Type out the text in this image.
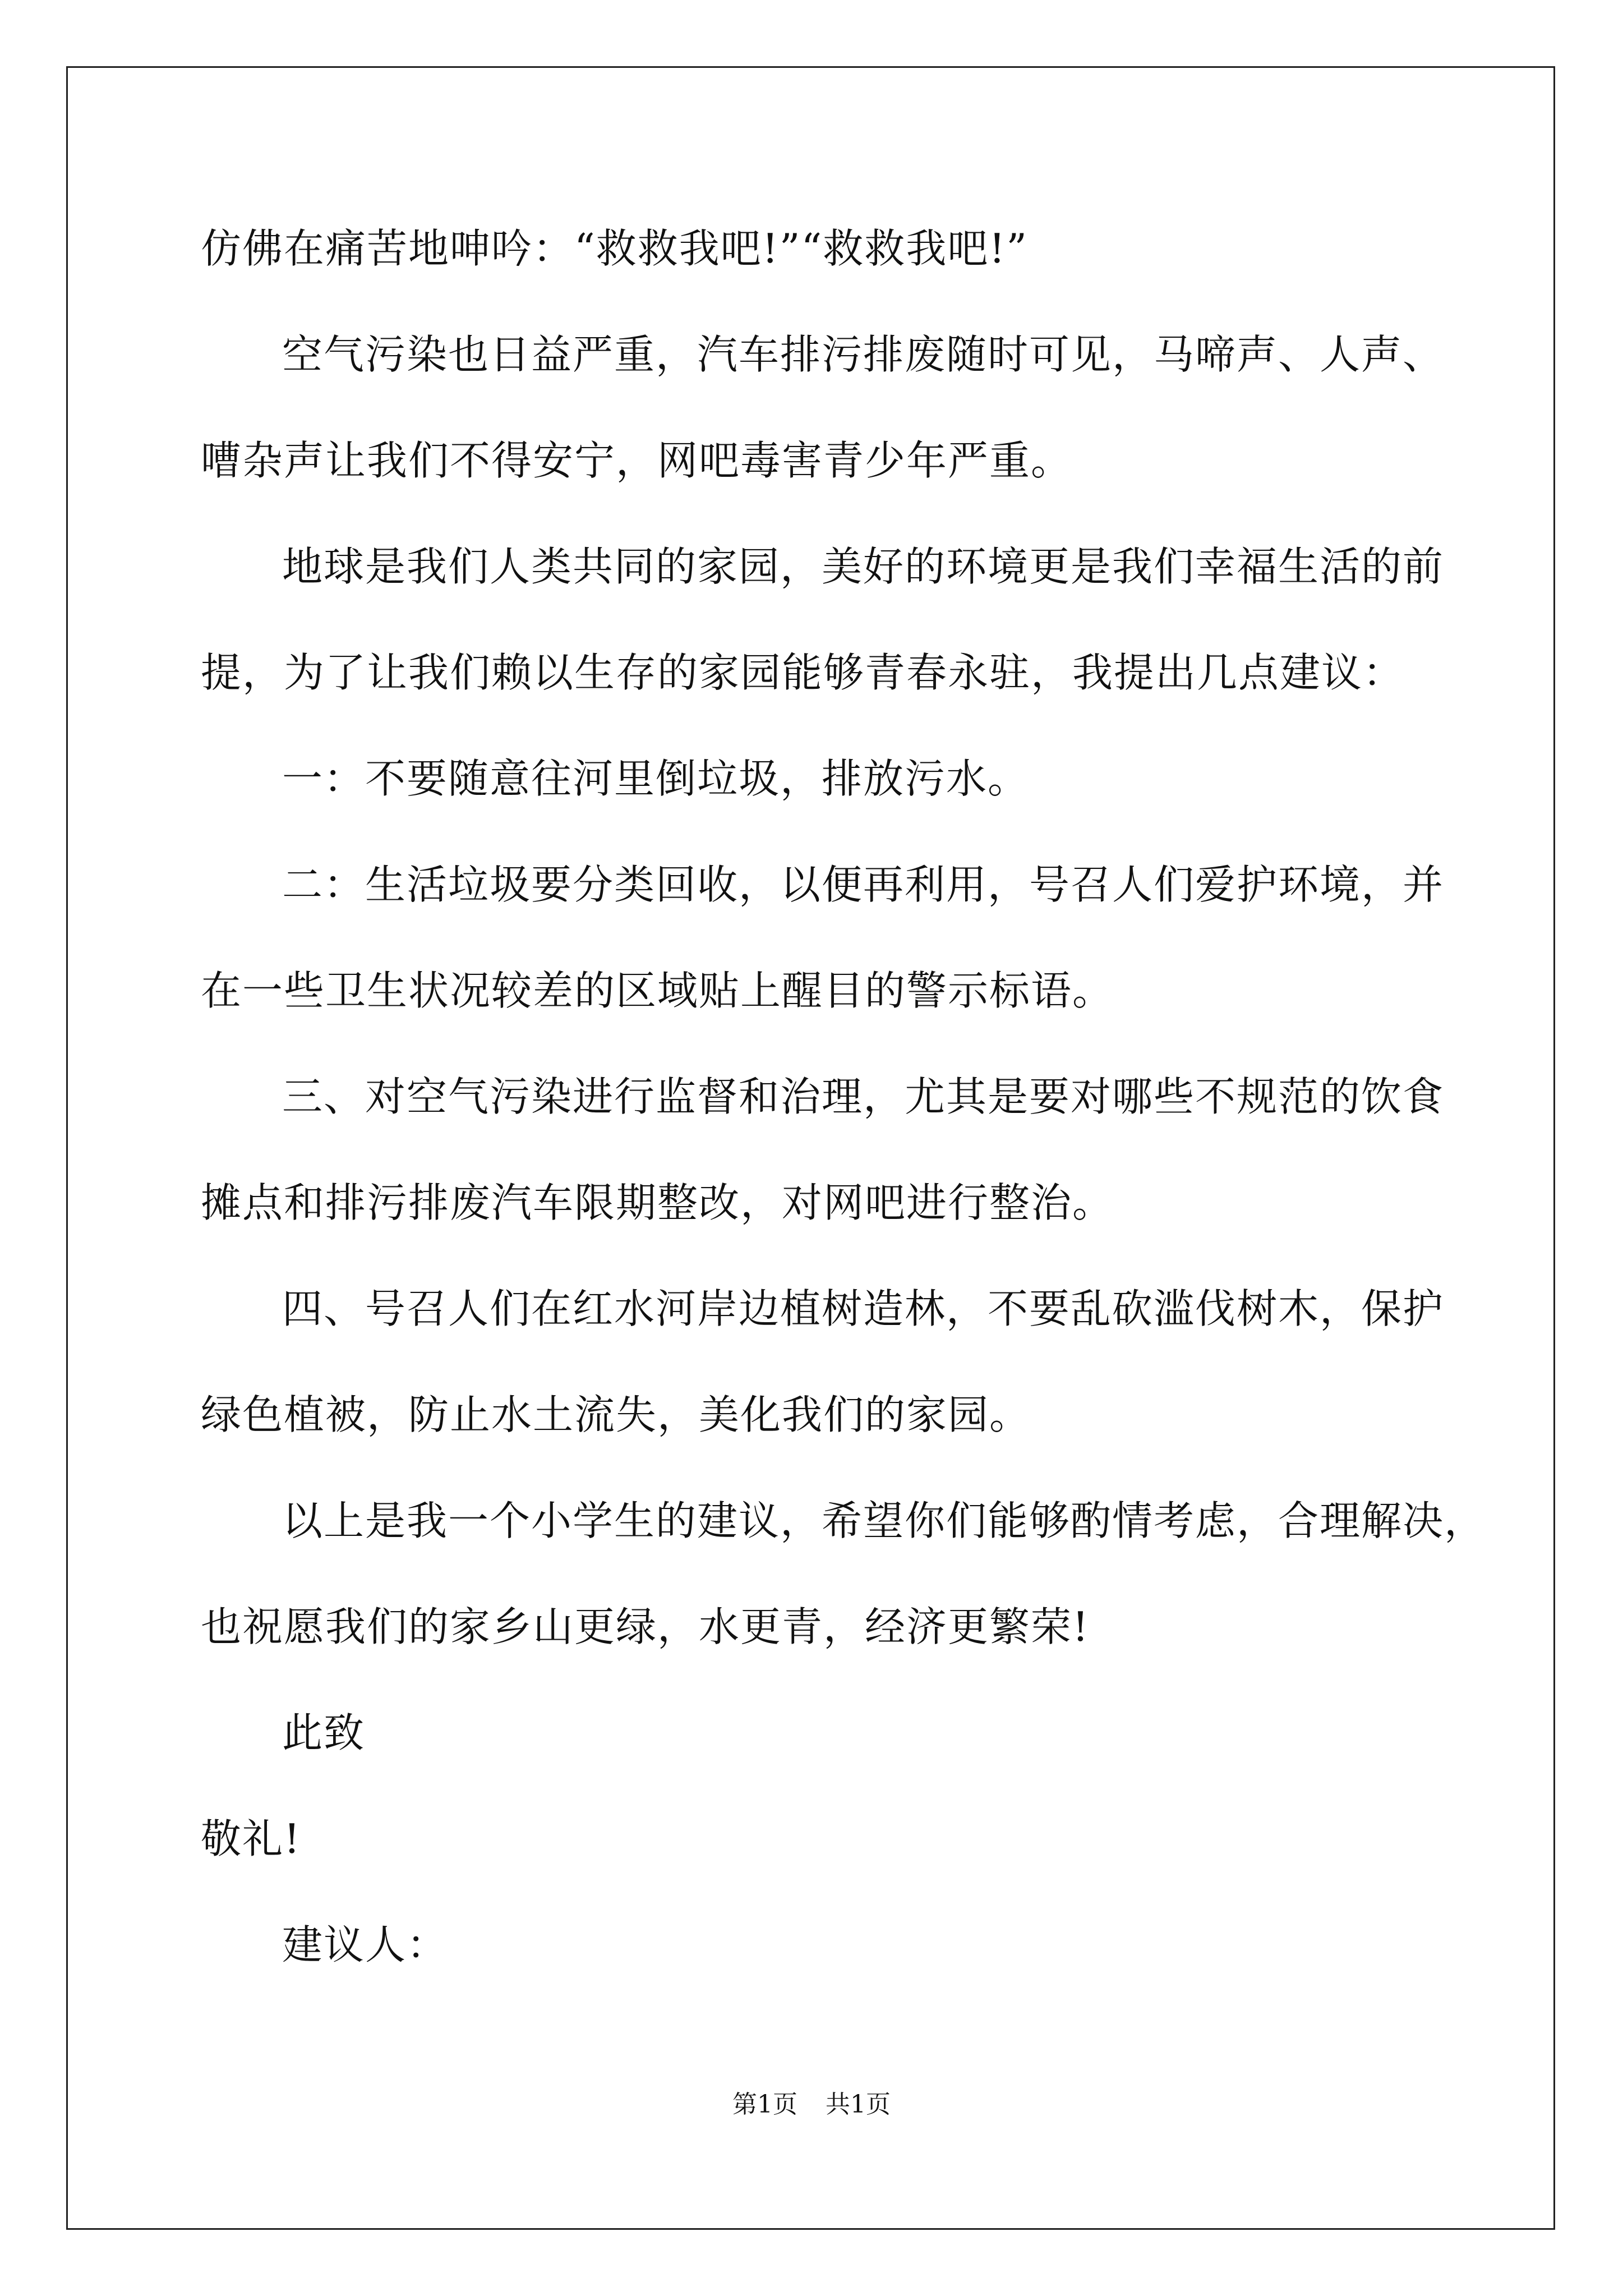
仿佛在痛苦地呻吟：“救救我吧!”“救救我吧!”
空气污染也日益严重，汽车排污排废随时可见，马啼声、人声、
嘈杂声让我们不得安宁，网吧毒害青少年严重。
地球是我们人类共同的家园，美好的环境更是我们幸福生活的前
提，为了让我们赖以生存的家园能够青春永驻，我提出几点建议：
一：不要随意往河里倒垃圾，排放污水。
二：生活垃圾要分类回收，以便再利用，号召人们爱护环境，并
在一些卫生状况较差的区域贴上醒目的警示标语。
三、对空气污染进行监督和治理，尤其是要对哪些不规范的饮食
摊点和排污排废汽车限期整改，对网吧进行整治。
四、号召人们在红水河岸边植树造林，不要乱砍滥伐树木，保护
绿色植被，防止水土流失，美化我们的家园。
以上是我一个小学生的建议，希望你们能够酌情考虑，合理解决，
也祝愿我们的家乡山更绿，水更青，经济更繁荣!
此致
敬礼!
建议人：
第1页 共1页
